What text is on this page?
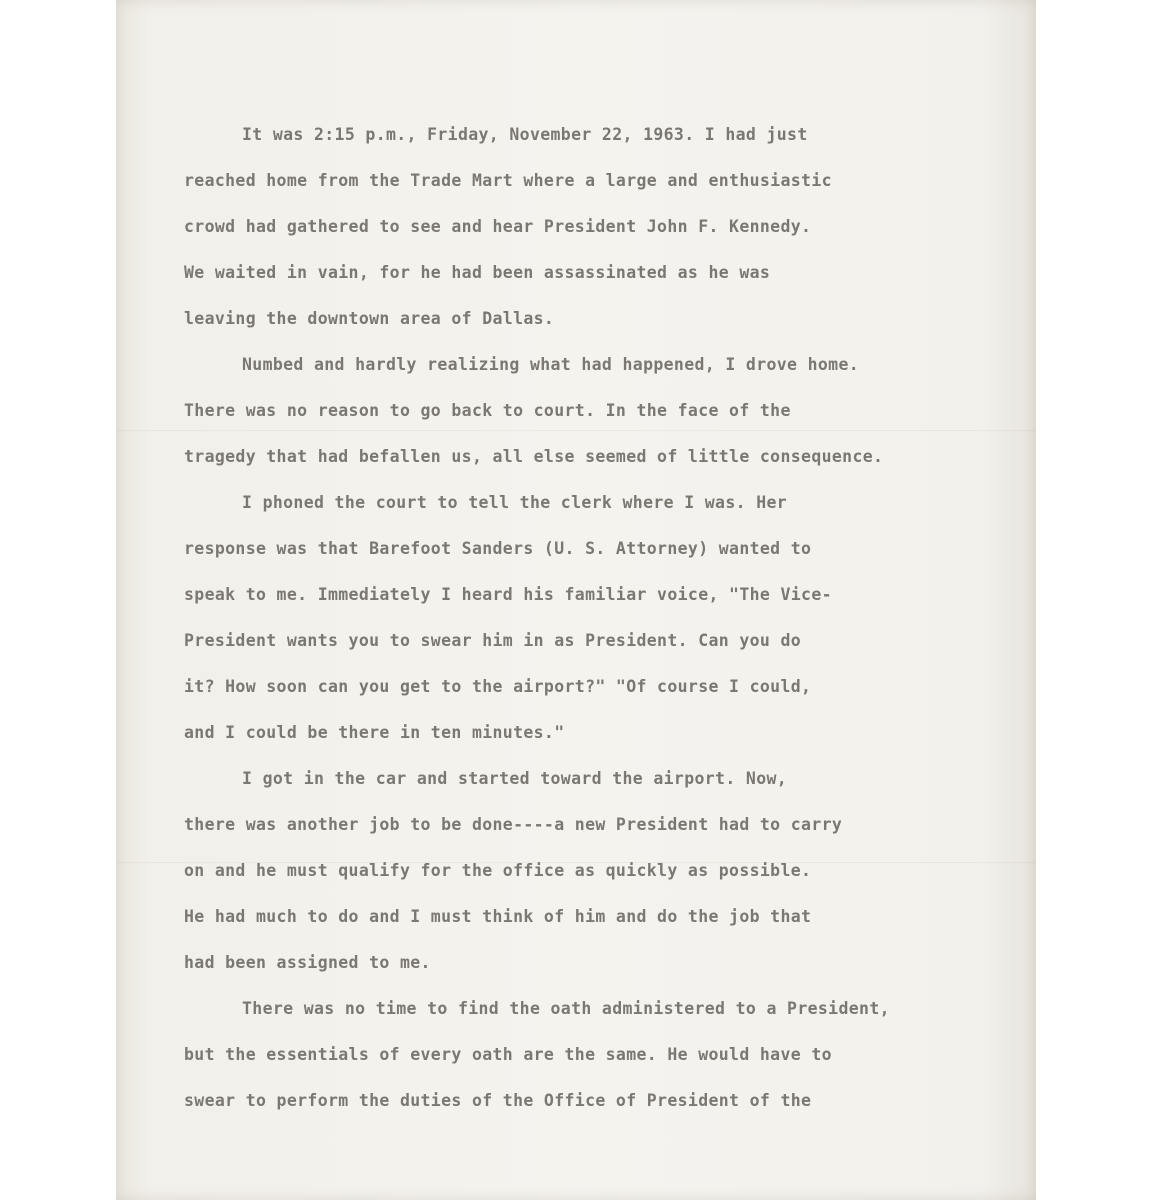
It was 2:15 p.m., Friday, November 22, 1963. I had just
reached home from the Trade Mart where a large and enthusiastic
crowd had gathered to see and hear President John F. Kennedy.
We waited in vain, for he had been assassinated as he was
leaving the downtown area of Dallas.
Numbed and hardly realizing what had happened, I drove home.
There was no reason to go back to court. In the face of the
tragedy that had befallen us, all else seemed of little consequence.
I phoned the court to tell the clerk where I was. Her
response was that Barefoot Sanders (U. S. Attorney) wanted to
speak to me. Immediately I heard his familiar voice, "The Vice-
President wants you to swear him in as President. Can you do
it? How soon can you get to the airport?" "Of course I could,
and I could be there in ten minutes."
I got in the car and started toward the airport. Now,
there was another job to be done----a new President had to carry
on and he must qualify for the office as quickly as possible.
He had much to do and I must think of him and do the job that
had been assigned to me.
There was no time to find the oath administered to a President,
but the essentials of every oath are the same. He would have to
swear to perform the duties of the Office of President of the
